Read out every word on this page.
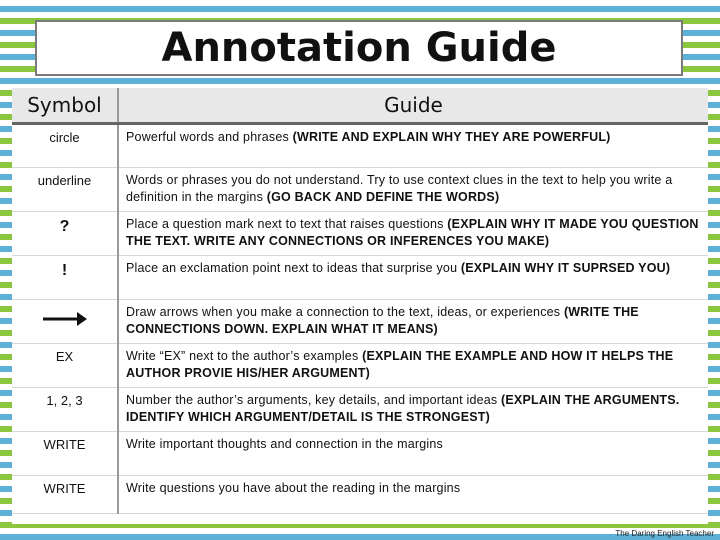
Annotation Guide
Symbol	Guide
circle	Powerful words and phrases (WRITE AND EXPLAIN WHY THEY ARE POWERFUL)
underline	Words or phrases you do not understand. Try to use context clues in the text to help you write a definition in the margins (GO BACK AND DEFINE THE WORDS)
?	Place a question mark next to text that raises questions (EXPLAIN WHY IT MADE YOU QUESTION THE TEXT. WRITE ANY CONNECTIONS OR INFERENCES YOU MAKE)
!	Place an exclamation point next to ideas that surprise you (EXPLAIN WHY IT SUPRSED YOU)
	Draw arrows when you make a connection to the text, ideas, or experiences (WRITE THE CONNECTIONS DOWN. EXPLAIN WHAT IT MEANS)
EX	Write “EX” next to the author’s examples (EXPLAIN THE EXAMPLE AND HOW IT HELPS THE AUTHOR PROVIE HIS/HER ARGUMENT)
1, 2, 3	Number the author’s arguments, key details, and important ideas (EXPLAIN THE ARGUMENTS. IDENTIFY WHICH ARGUMENT/DETAIL IS THE STRONGEST)
WRITE	Write important thoughts and connection in the margins
WRITE	Write questions you have about the reading in the margins
The Daring English Teacher
